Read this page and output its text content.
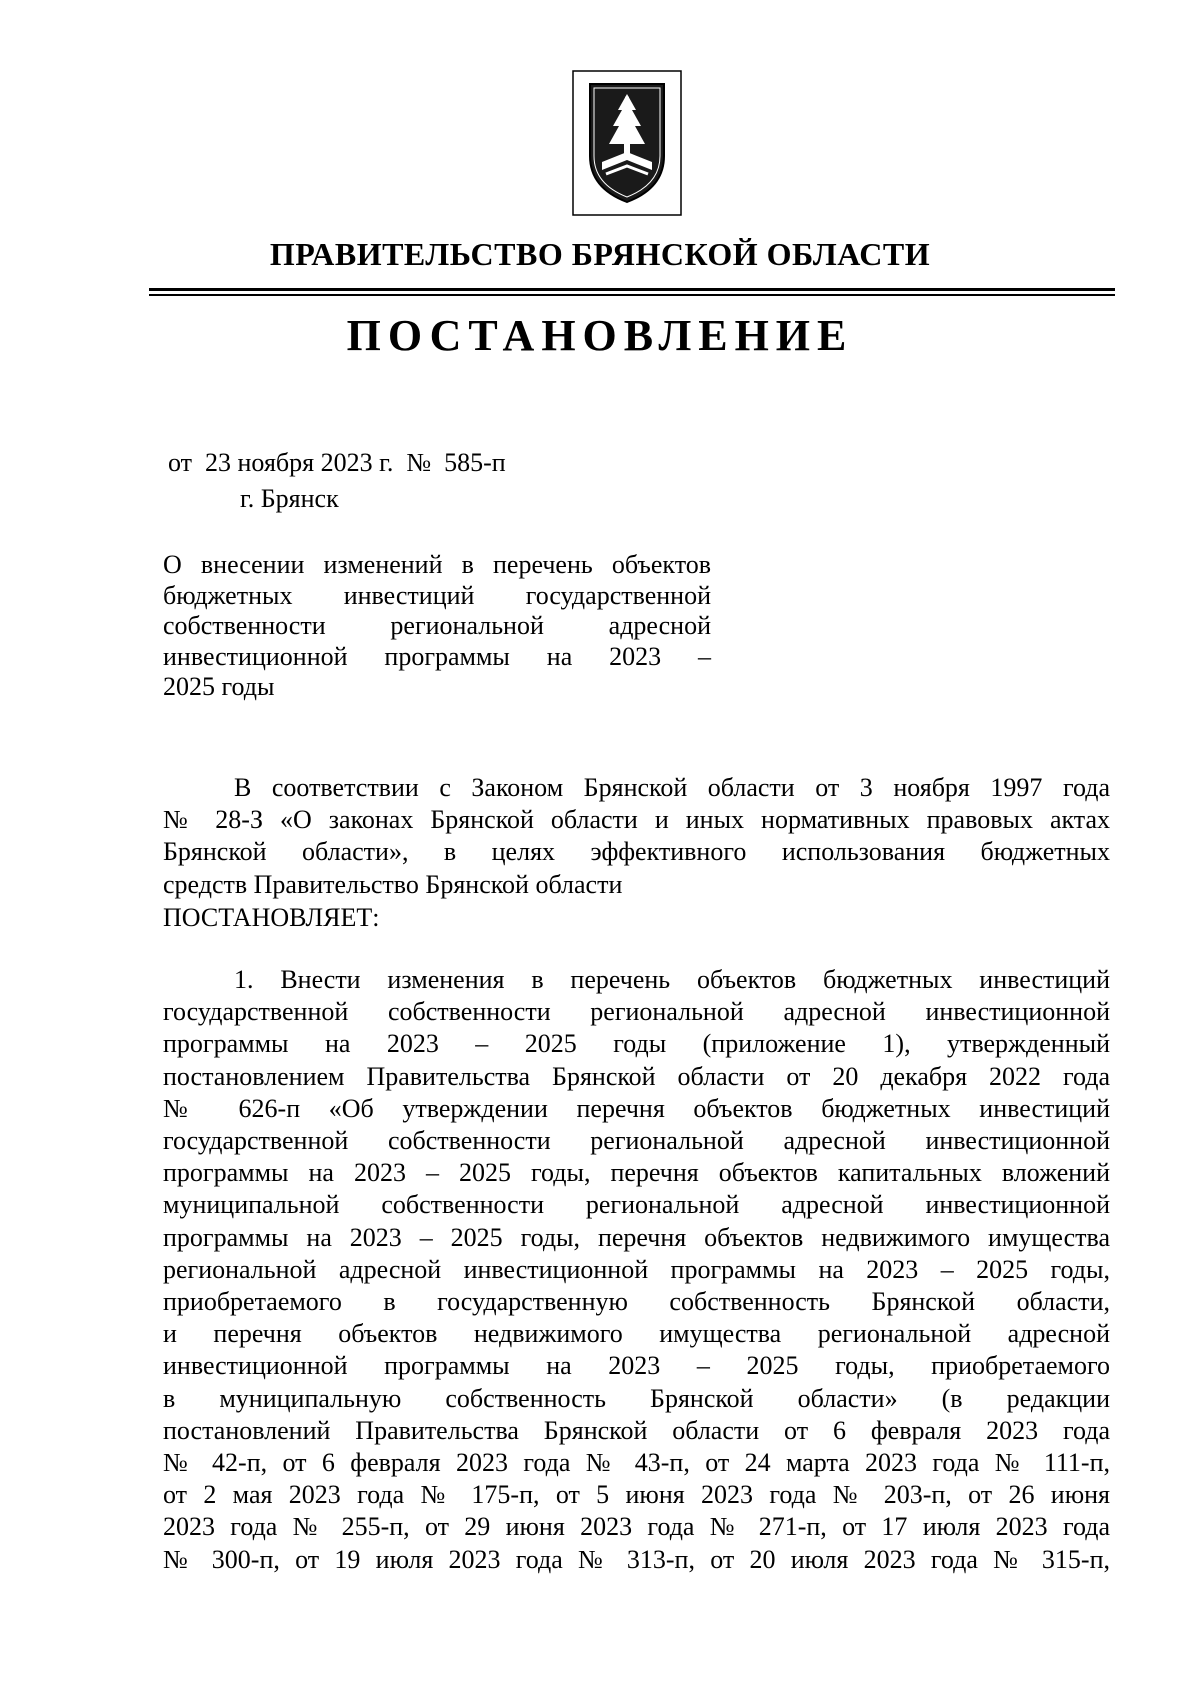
ПРАВИТЕЛЬСТВО БРЯНСКОЙ ОБЛАСТИ
ПОСТАНОВЛЕНИЕ
от  23 ноября 2023 г.  №  585-п
г. Брянск
О внесении изменений в перечень объектов
бюджетных инвестиций государственной
собственности региональной адресной
инвестиционной программы на 2023 –
2025 годы
В соответствии с Законом Брянской области от 3 ноября 1997 года
№ 28-З «О законах Брянской области и иных нормативных правовых актах
Брянской области», в целях эффективного использования бюджетных
средств Правительство Брянской области
ПОСТАНОВЛЯЕТ:
1. Внести изменения в перечень объектов бюджетных инвестиций
государственной собственности региональной адресной инвестиционной
программы на 2023 – 2025 годы (приложение 1), утвержденный
постановлением Правительства Брянской области от 20 декабря 2022 года
№ 626-п «Об утверждении перечня объектов бюджетных инвестиций
государственной собственности региональной адресной инвестиционной
программы на 2023 – 2025 годы, перечня объектов капитальных вложений
муниципальной собственности региональной адресной инвестиционной
программы на 2023 – 2025 годы, перечня объектов недвижимого имущества
региональной адресной инвестиционной программы на 2023 – 2025 годы,
приобретаемого в государственную собственность Брянской области,
и перечня объектов недвижимого имущества региональной адресной
инвестиционной программы на 2023 – 2025 годы, приобретаемого
в муниципальную собственность Брянской области» (в редакции
постановлений Правительства Брянской области от 6 февраля 2023 года
№ 42-п, от 6 февраля 2023 года № 43-п, от 24 марта 2023 года № 111-п,
от 2 мая 2023 года № 175-п, от 5 июня 2023 года № 203-п, от 26 июня
2023 года № 255-п, от 29 июня 2023 года № 271-п, от 17 июля 2023 года
№ 300-п, от 19 июля 2023 года № 313-п, от 20 июля 2023 года № 315-п,
